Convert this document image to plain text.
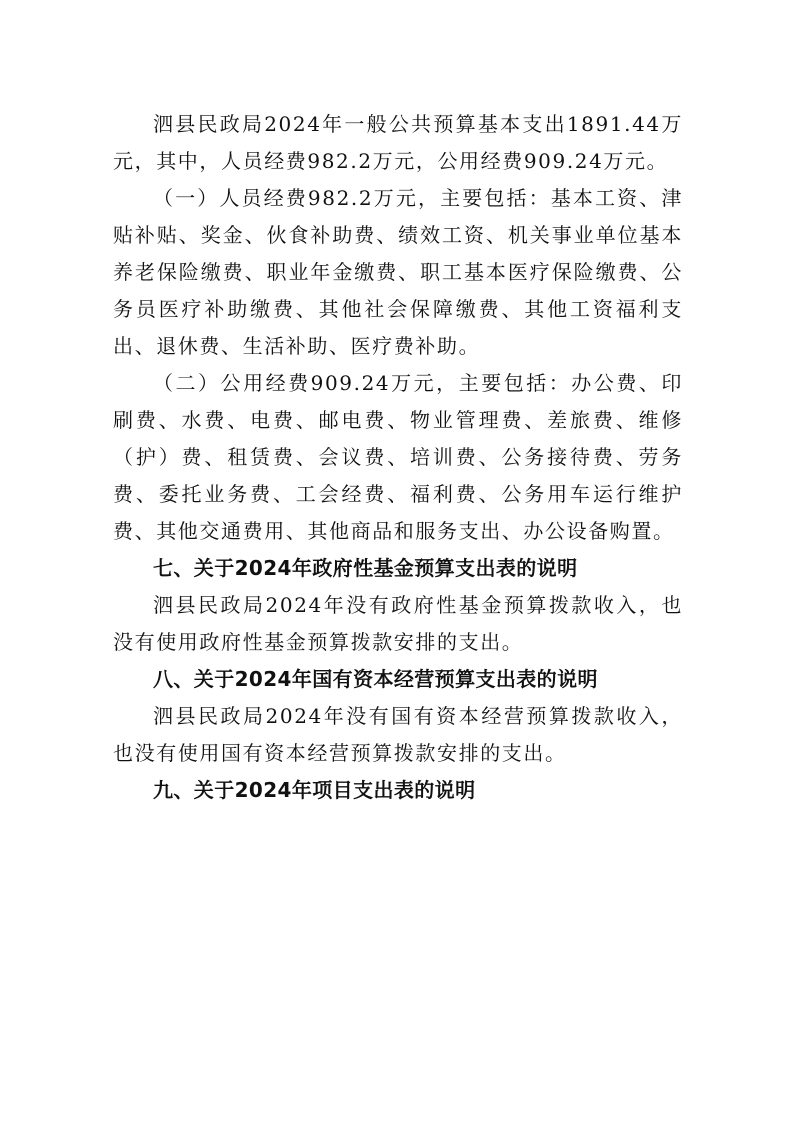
泗县民政局2024年一般公共预算基本支出1891.44万元，其中，人员经费982.2万元，公用经费909.24万元。

（一）人员经费982.2万元，主要包括：基本工资、津贴补贴、奖金、伙食补助费、绩效工资、机关事业单位基本养老保险缴费、职业年金缴费、职工基本医疗保险缴费、公务员医疗补助缴费、其他社会保障缴费、其他工资福利支出、退休费、生活补助、医疗费补助。

（二）公用经费909.24万元，主要包括：办公费、印刷费、水费、电费、邮电费、物业管理费、差旅费、维修（护）费、租赁费、会议费、培训费、公务接待费、劳务费、委托业务费、工会经费、福利费、公务用车运行维护费、其他交通费用、其他商品和服务支出、办公设备购置。

七、关于2024年政府性基金预算支出表的说明

泗县民政局2024年没有政府性基金预算拨款收入，也没有使用政府性基金预算拨款安排的支出。

八、关于2024年国有资本经营预算支出表的说明

泗县民政局2024年没有国有资本经营预算拨款收入，也没有使用国有资本经营预算拨款安排的支出。

九、关于2024年项目支出表的说明
